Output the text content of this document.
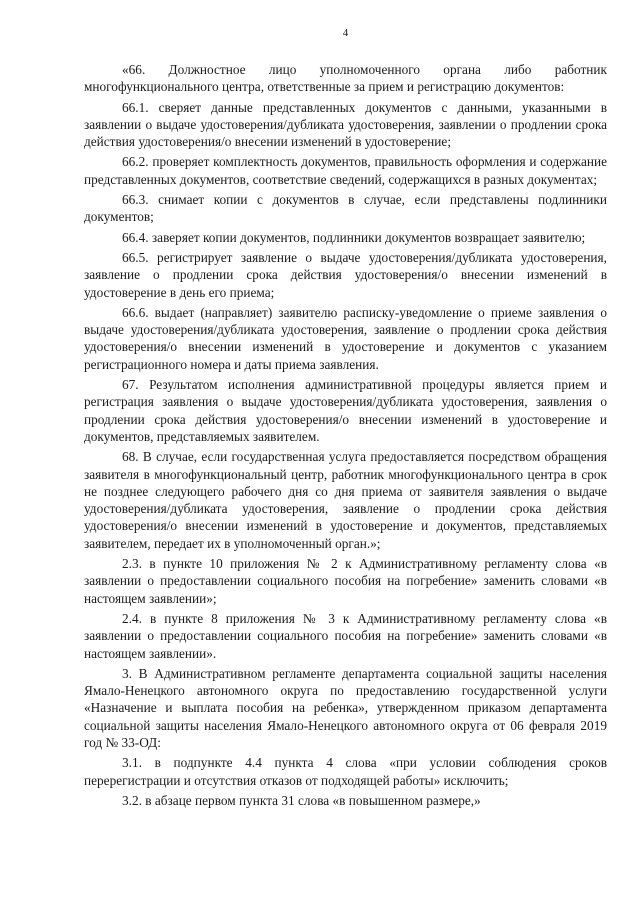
4

«66. Должностное лицо уполномоченного органа либо работник многофункционального центра, ответственные за прием и регистрацию документов:

66.1. сверяет данные представленных документов с данными, указанными в заявлении о выдаче удостоверения/дубликата удостоверения, заявлении о продлении срока действия удостоверения/о внесении изменений в удостоверение;

66.2. проверяет комплектность документов, правильность оформления и содержание представленных документов, соответствие сведений, содержащихся в разных документах;

66.3. снимает копии с документов в случае, если представлены подлинники документов;

66.4. заверяет копии документов, подлинники документов возвращает заявителю;

66.5. регистрирует заявление о выдаче удостоверения/дубликата удостоверения, заявление о продлении срока действия удостоверения/о внесении изменений в удостоверение в день его приема;

66.6. выдает (направляет) заявителю расписку-уведомление о приеме заявления о выдаче удостоверения/дубликата удостоверения, заявление о продлении срока действия удостоверения/о внесении изменений в удостоверение и документов с указанием регистрационного номера и даты приема заявления.

67. Результатом исполнения административной процедуры является прием и регистрация заявления о выдаче удостоверения/дубликата удостоверения, заявления о продлении срока действия удостоверения/о внесении изменений в удостоверение и документов, представляемых заявителем.

68. В случае, если государственная услуга предоставляется посредством обращения заявителя в многофункциональный центр, работник многофункционального центра в срок не позднее следующего рабочего дня со дня приема от заявителя заявления о выдаче удостоверения/дубликата удостоверения, заявление о продлении срока действия удостоверения/о внесении изменений в удостоверение и документов, представляемых заявителем, передает их в уполномоченный орган.»;

2.3. в пункте 10 приложения № 2 к Административному регламенту слова «в заявлении о предоставлении социального пособия на погребение» заменить словами «в настоящем заявлении»;

2.4. в пункте 8 приложения № 3 к Административному регламенту слова «в заявлении о предоставлении социального пособия на погребение» заменить словами «в настоящем заявлении».

3. В Административном регламенте департамента социальной защиты населения Ямало-Ненецкого автономного округа по предоставлению государственной услуги «Назначение и выплата пособия на ребенка», утвержденном приказом департамента социальной защиты населения Ямало-Ненецкого автономного округа от 06 февраля 2019 год № 33-ОД:

3.1. в подпункте 4.4 пункта 4 слова «при условии соблюдения сроков перерегистрации и отсутствия отказов от подходящей работы» исключить;

3.2. в абзаце первом пункта 31 слова «в повышенном размере,»
